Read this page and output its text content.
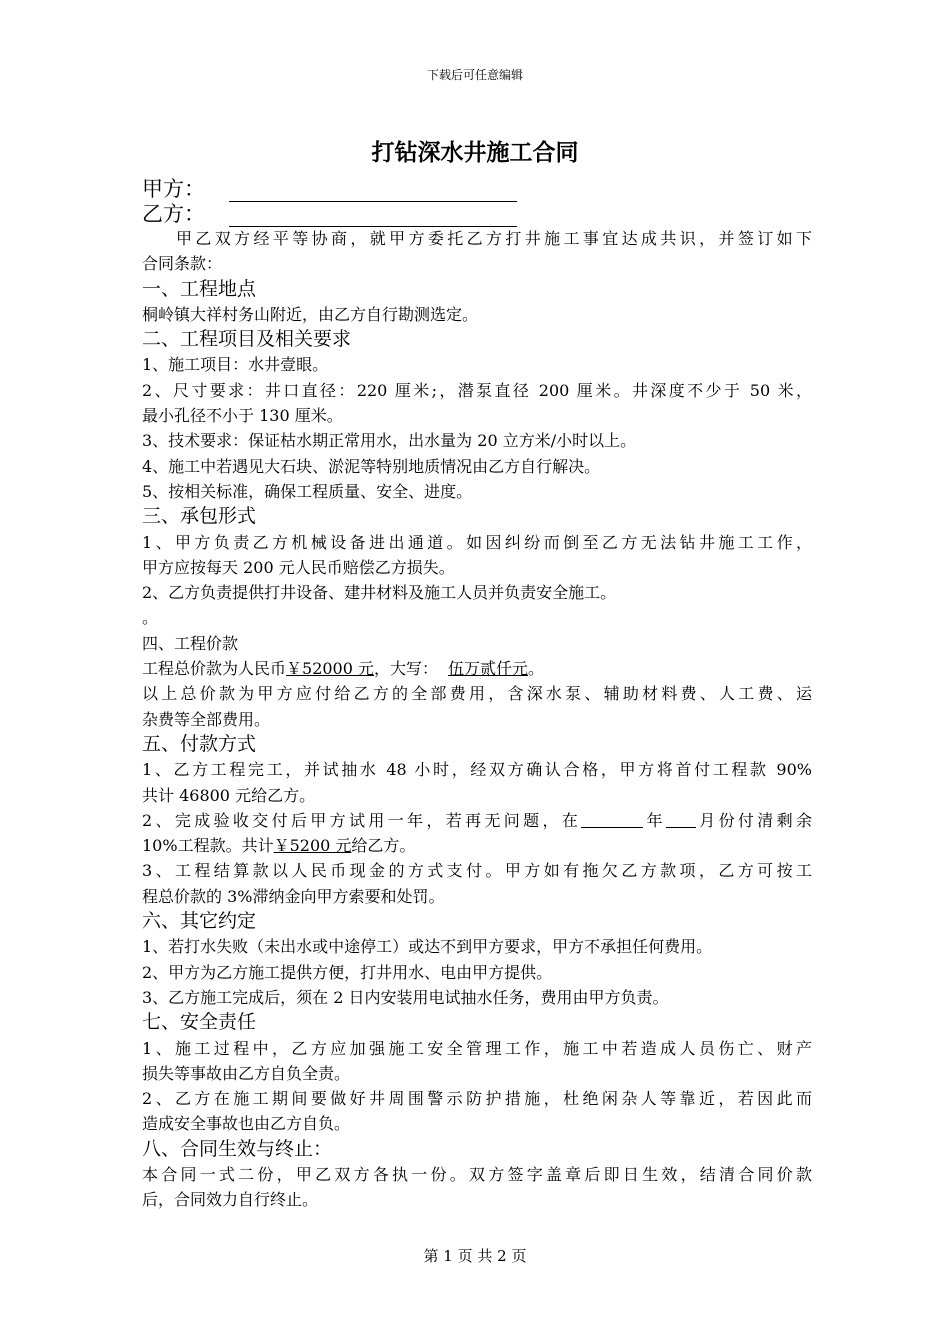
下载后可任意编辑
打钻深水井施工合同
甲方：
乙方：

甲乙双方经平等协商，就甲方委托乙方打井施工事宜达成共识，并签订如下

合同条款：

一、工程地点

桐岭镇大祥村务山附近，由乙方自行勘测选定。

二、工程项目及相关要求

1、施工项目：水井壹眼。

2、尺寸要求：井口直径：220 厘米;，潜泵直径 200 厘米。井深度不少于 50 米，

最小孔径不小于 130 厘米。

3、技术要求：保证枯水期正常用水，出水量为 20 立方米/小时以上。

4、施工中若遇见大石块、淤泥等特别地质情况由乙方自行解决。

5、按相关标准，确保工程质量、安全、进度。

三、承包形式

1、甲方负责乙方机械设备进出通道。如因纠纷而倒至乙方无法钻井施工工作，

甲方应按每天 200 元人民币赔偿乙方损失。

2、乙方负责提供打井设备、建井材料及施工人员并负责安全施工。

。

四、工程价款

工程总价款为人民币￥52000 元，大写： 伍万贰仟元。

以上总价款为甲方应付给乙方的全部费用，含深水泵、辅助材料费、人工费、运

杂费等全部费用。

五、付款方式

1、乙方工程完工，并试抽水 48 小时，经双方确认合格，甲方将首付工程款 90%

共计 46800 元给乙方。

2、完成验收交付后甲方试用一年，若再无问题，在	年 月份付清剩余

10%工程款。共计￥5200 元给乙方。

3、工程结算款以人民币现金的方式支付。甲方如有拖欠乙方款项，乙方可按工

程总价款的 3%滞纳金向甲方索要和处罚。

六、其它约定

1、若打水失败（未出水或中途停工）或达不到甲方要求，甲方不承担任何费用。

2、甲方为乙方施工提供方便，打井用水、电由甲方提供。

3、乙方施工完成后，须在 2 日内安装用电试抽水任务，费用由甲方负责。

七、安全责任

1、施工过程中，乙方应加强施工安全管理工作，施工中若造成人员伤亡、财产

损失等事故由乙方自负全责。

2、乙方在施工期间要做好井周围警示防护措施，杜绝闲杂人等靠近，若因此而

造成安全事故也由乙方自负。

八、合同生效与终止：

本合同一式二份，甲乙双方各执一份。双方签字盖章后即日生效，结清合同价款

后，合同效力自行终止。

第 1 页 共 2 页
